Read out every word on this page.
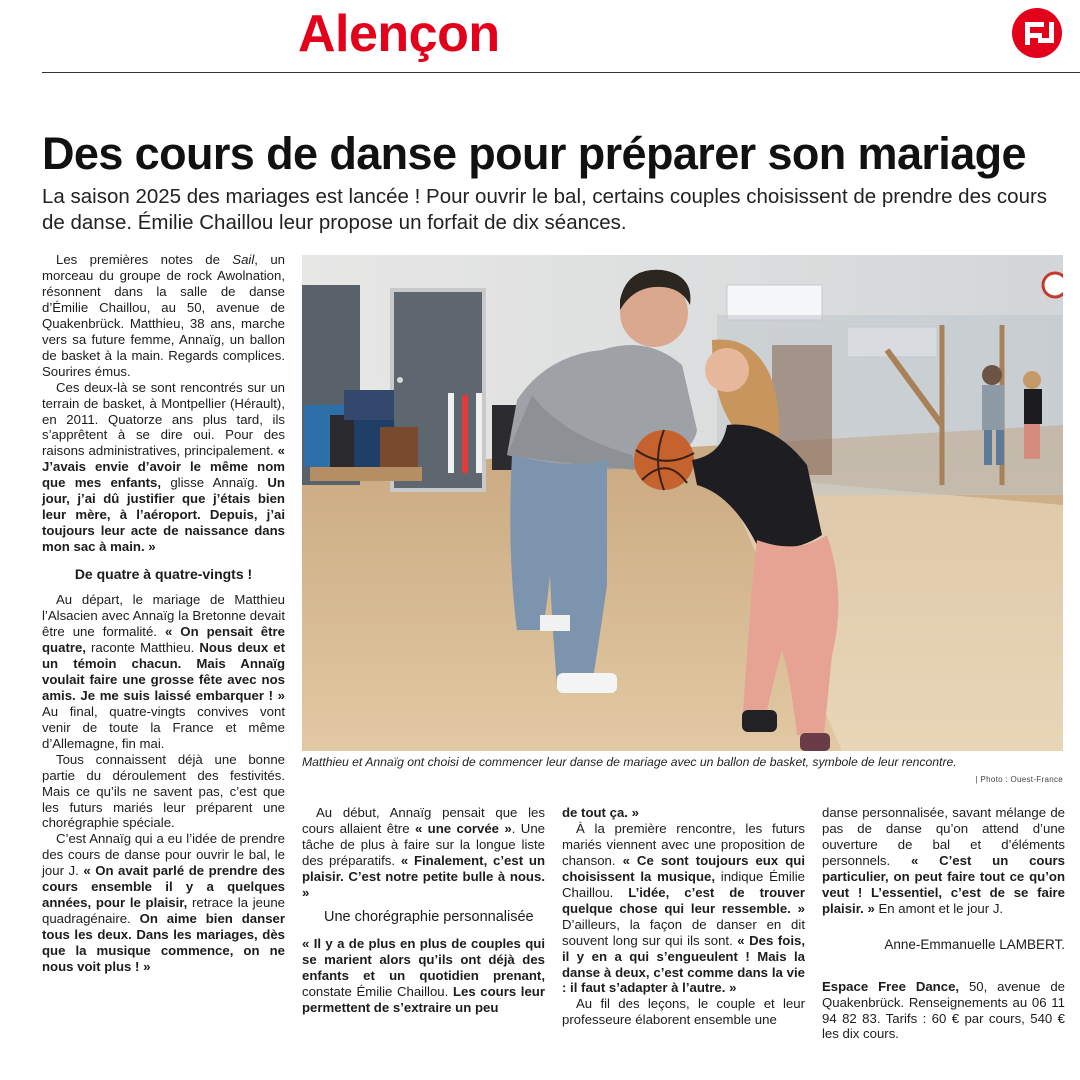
Alençon
Des cours de danse pour préparer son mariage

La saison 2025 des mariages est lancée ! Pour ouvrir le bal, certains couples choisissent de prendre des cours de danse. Émilie Chaillou leur propose un forfait de dix séances.

Les premières notes de Sail, un morceau du groupe de rock Awolnation, résonnent dans la salle de danse d’Émilie Chaillou, au 50, avenue de Quakenbrück. Matthieu, 38 ans, marche vers sa future femme, Annaïg, un ballon de basket à la main. Regards complices. Sourires émus.

Ces deux-là se sont rencontrés sur un terrain de basket, à Montpellier (Hérault), en 2011. Quatorze ans plus tard, ils s’apprêtent à se dire oui. Pour des raisons administratives, principalement. « J’avais envie d’avoir le même nom que mes enfants, glisse Annaïg. Un jour, j’ai dû justifier que j’étais bien leur mère, à l’aéroport. Depuis, j’ai toujours leur acte de naissance dans mon sac à main. »

De quatre à quatre-vingts !

Au départ, le mariage de Matthieu l’Alsacien avec Annaïg la Bretonne devait être une formalité. « On pensait être quatre, raconte Matthieu. Nous deux et un témoin chacun. Mais Annaïg voulait faire une grosse fête avec nos amis. Je me suis laissé embarquer ! » Au final, quatre-vingts convives vont venir de toute la France et même d’Allemagne, fin mai.

Tous connaissent déjà une bonne partie du déroulement des festivités. Mais ce qu’ils ne savent pas, c’est que les futurs mariés leur préparent une chorégraphie spéciale.

C’est Annaïg qui a eu l’idée de prendre des cours de danse pour ouvrir le bal, le jour J. « On avait parlé de prendre des cours ensemble il y a quelques années, pour le plaisir, retrace la jeune quadragénaire. On aime bien danser tous les deux. Dans les mariages, dès que la musique commence, on ne nous voit plus ! »

Matthieu et Annaïg ont choisi de commencer leur danse de mariage avec un ballon de basket, symbole de leur rencontre.
| Photo : Ouest-France

Au début, Annaïg pensait que les cours allaient être « une corvée ». Une tâche de plus à faire sur la longue liste des préparatifs. « Finalement, c’est un plaisir. C’est notre petite bulle à nous. »

Une chorégraphie personnalisée

« Il y a de plus en plus de couples qui se marient alors qu’ils ont déjà des enfants et un quotidien prenant, constate Émilie Chaillou. Les cours leur permettent de s’extraire un peu

de tout ça. »

À la première rencontre, les futurs mariés viennent avec une proposition de chanson. « Ce sont toujours eux qui choisissent la musique, indique Émilie Chaillou. L’idée, c’est de trouver quelque chose qui leur ressemble. » D’ailleurs, la façon de danser en dit souvent long sur qui ils sont. « Des fois, il y en a qui s’engueulent ! Mais la danse à deux, c’est comme dans la vie : il faut s’adapter à l’autre. »

Au fil des leçons, le couple et leur professeure élaborent ensemble une

danse personnalisée, savant mélange de pas de danse qu’on attend d’une ouverture de bal et d’éléments personnels. « C’est un cours particulier, on peut faire tout ce qu’on veut ! L’essentiel, c’est de se faire plaisir. » En amont et le jour J.

Anne-Emmanuelle LAMBERT.

Espace Free Dance, 50, avenue de Quakenbrück. Renseignements au 06 11 94 82 83. Tarifs : 60 € par cours, 540 € les dix cours.
